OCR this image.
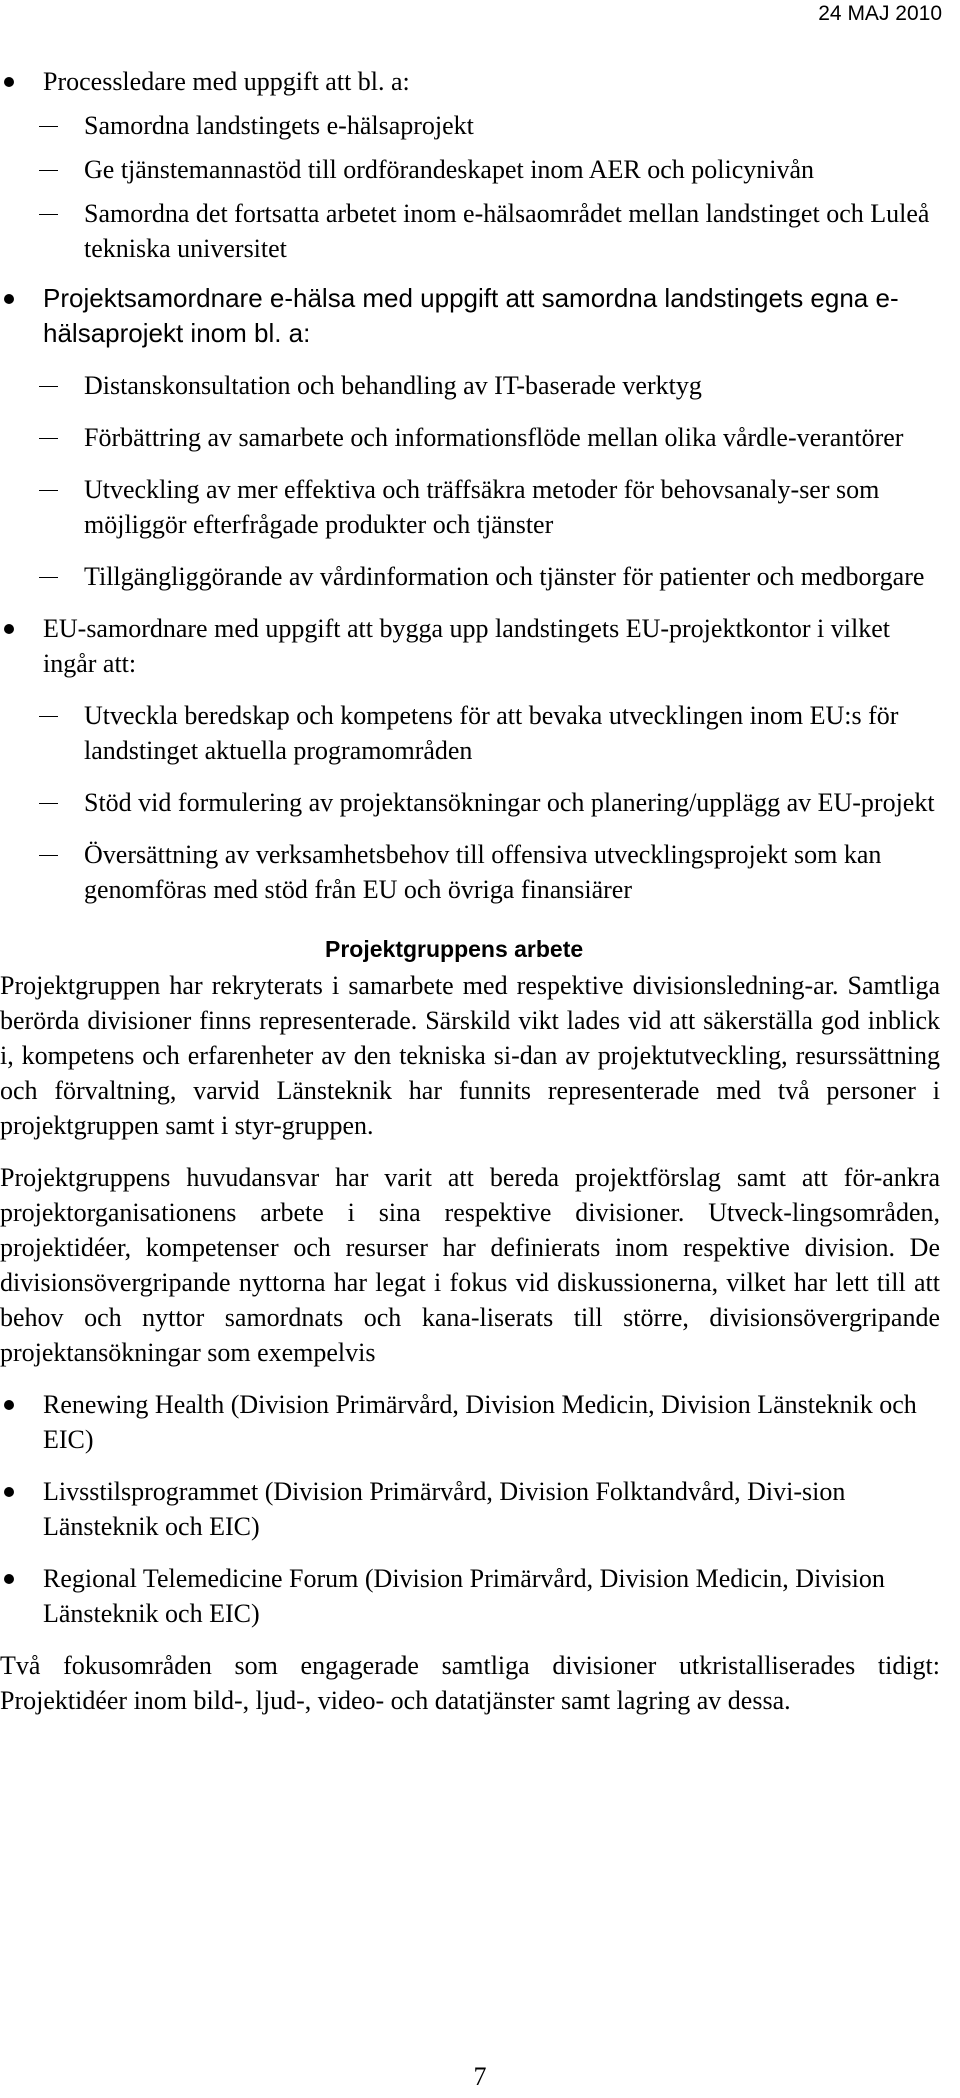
24 MAJ 2010
Processledare med uppgift att bl. a:
Samordna landstingets e-hälsaprojekt
Ge tjänstemannastöd till ordförandeskapet inom AER och policynivån
Samordna det fortsatta arbetet inom e-hälsaområdet mellan landstinget och Luleå tekniska universitet
Projektsamordnare e-hälsa med uppgift att samordna landstingets egna e-hälsaprojekt inom bl. a:
Distanskonsultation och behandling av IT-baserade verktyg
Förbättring av samarbete och informationsflöde mellan olika vårdle-verantörer
Utveckling av mer effektiva och träffsäkra metoder för behovsanaly-ser som möjliggör efterfrågade produkter och tjänster
Tillgängliggörande av vårdinformation och tjänster för patienter och medborgare
EU-samordnare med uppgift att bygga upp landstingets EU-projektkontor i vilket ingår att:
Utveckla beredskap och kompetens för att bevaka utvecklingen inom EU:s för landstinget aktuella programområden
Stöd vid formulering av projektansökningar och planering/upplägg av EU-projekt
Översättning av verksamhetsbehov till offensiva utvecklingsprojekt som kan genomföras med stöd från EU och övriga finansiärer
Projektgruppens arbete

Projektgruppen har rekryterats i samarbete med respektive divisionsledning-ar. Samtliga berörda divisioner finns representerade. Särskild vikt lades vid att säkerställa god inblick i, kompetens och erfarenheter av den tekniska si-dan av projektutveckling, resurssättning och förvaltning, varvid Länsteknik har funnits representerade med två personer i projektgruppen samt i styr-gruppen.

Projektgruppens huvudansvar har varit att bereda projektförslag samt att för-ankra projektorganisationens arbete i sina respektive divisioner. Utveck-lingsområden, projektidéer, kompetenser och resurser har definierats inom respektive division. De divisionsövergripande nyttorna har legat i fokus vid diskussionerna, vilket har lett till att behov och nyttor samordnats och kana-liserats till större, divisionsövergripande projektansökningar som exempelvis

Renewing Health (Division Primärvård, Division Medicin, Division Länsteknik och EIC)
Livsstilsprogrammet (Division Primärvård, Division Folktandvård, Divi-sion Länsteknik och EIC)
Regional Telemedicine Forum (Division Primärvård, Division Medicin, Division Länsteknik och EIC)

Två fokusområden som engagerade samtliga divisioner utkristalliserades tidigt: Projektidéer inom bild-, ljud-, video- och datatjänster samt lagring av dessa.

7
